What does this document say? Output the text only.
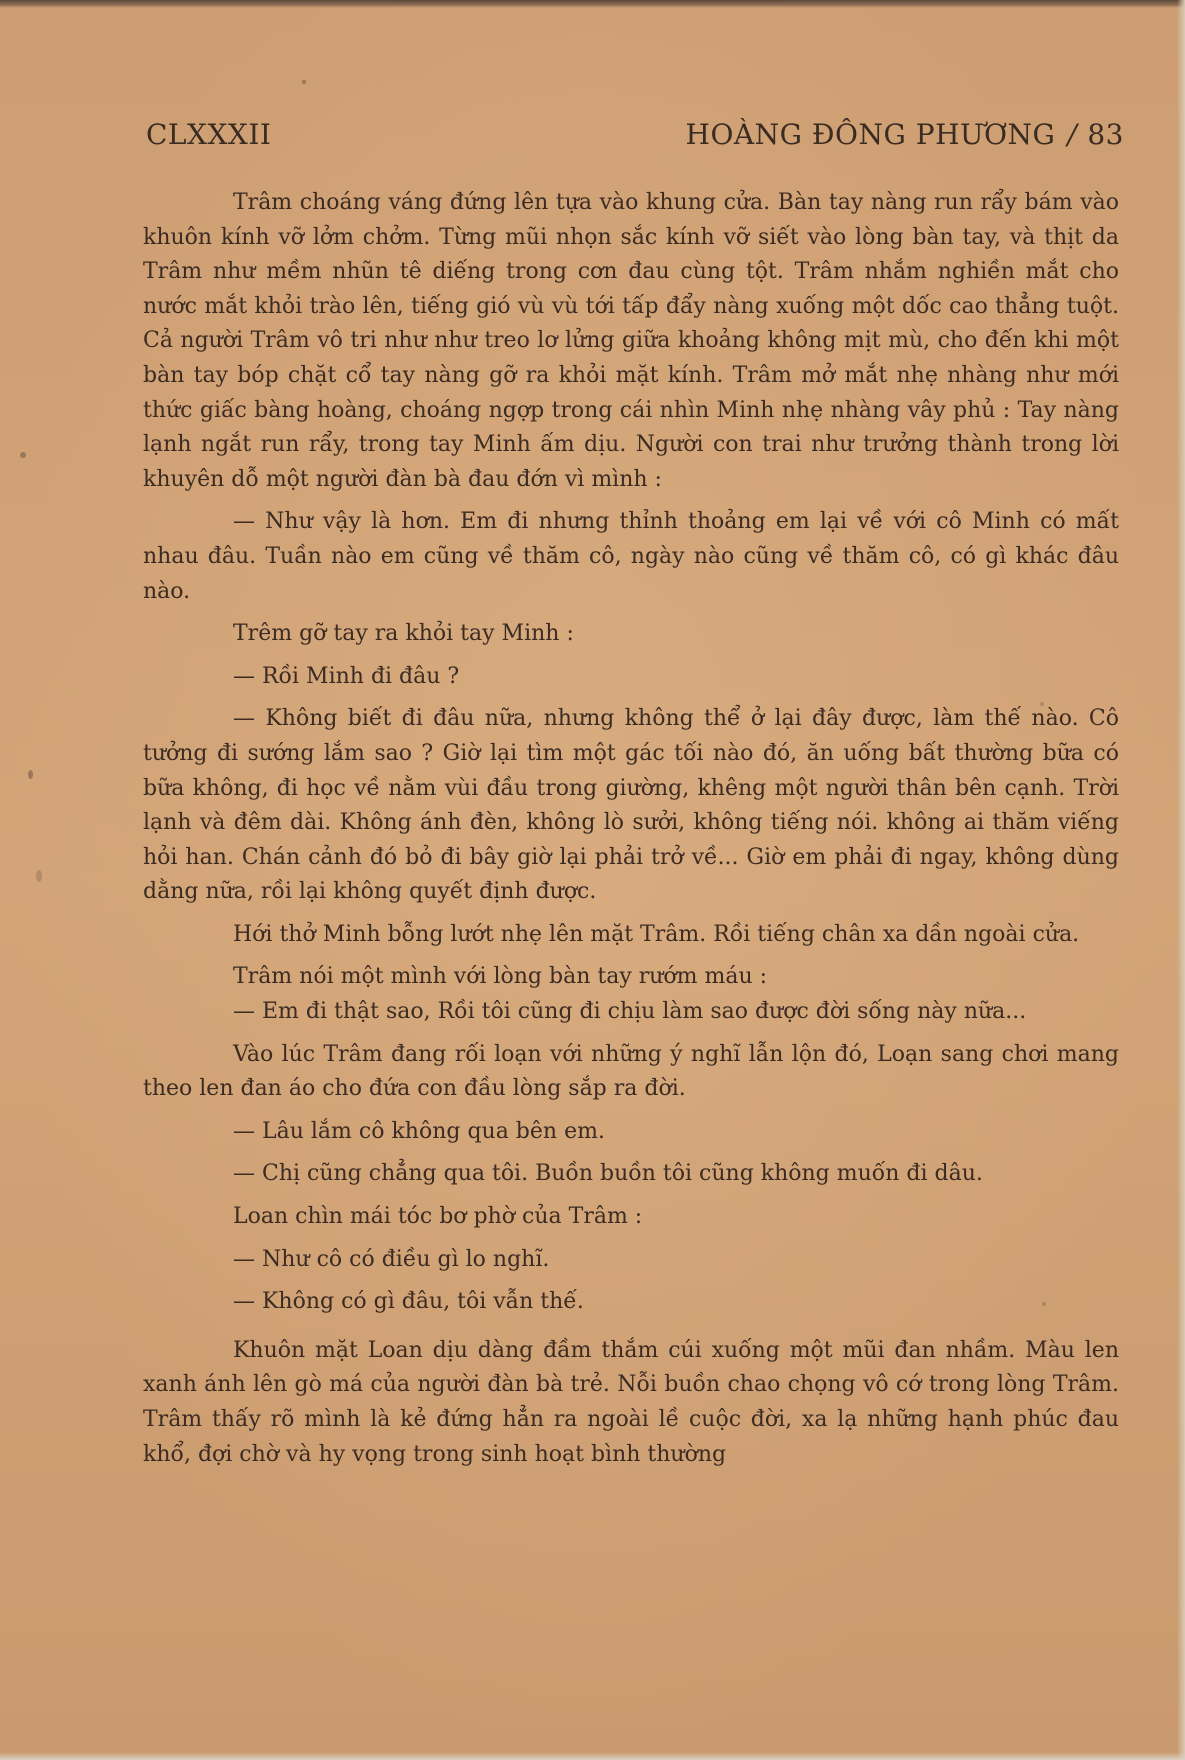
CLXXXII	HOÀNG ĐÔNG PHƯƠNG / 83

Trâm choáng váng đứng lên tựa vào khung cửa. Bàn tay nàng run rẩy bám vào khuôn kính vỡ lởm chởm. Từng mũi nhọn sắc kính vỡ siết vào lòng bàn tay, và thịt da Trâm như mềm nhũn tê diếng trong cơn đau cùng tột. Trâm nhắm nghiền mắt cho nước mắt khỏi trào lên, tiếng gió vù vù tới tấp đẩy nàng xuống một dốc cao thẳng tuột. Cả người Trâm vô tri như như treo lơ lửng giữa khoảng không mịt mù, cho đến khi một bàn tay bóp chặt cổ tay nàng gỡ ra khỏi mặt kính. Trâm mở mắt nhẹ nhàng như mới thức giấc bàng hoàng, choáng ngợp trong cái nhìn Minh nhẹ nhàng vây phủ : Tay nàng lạnh ngắt run rẩy, trong tay Minh ấm dịu. Người con trai như trưởng thành trong lời khuyên dỗ một người đàn bà đau đớn vì mình :

— Như vậy là hơn. Em đi nhưng thỉnh thoảng em lại về với cô Minh có mất nhau đâu. Tuần nào em cũng về thăm cô, ngày nào cũng về thăm cô, có gì khác đâu nào.

Trêm gỡ tay ra khỏi tay Minh :

— Rồi Minh đi đâu ?

— Không biết đi đâu nữa, nhưng không thể ở lại đây được, làm thế nào. Cô tưởng đi sướng lắm sao ? Giờ lại tìm một gác tối nào đó, ăn uống bất thường bữa có bữa không, đi học về nằm vùi đầu trong giường, khêng một người thân bên cạnh. Trời lạnh và đêm dài. Không ánh đèn, không lò sưởi, không tiếng nói. không ai thăm viếng hỏi han. Chán cảnh đó bỏ đi bây giờ lại phải trở về... Giờ em phải đi ngay, không dùng dằng nữa, rồi lại không quyết định được.

Hới thở Minh bỗng lướt nhẹ lên mặt Trâm. Rồi tiếng chân xa dần ngoài cửa.

Trâm nói một mình với lòng bàn tay rướm máu :

— Em đi thật sao, Rồi tôi cũng đi chịu làm sao được đời sống này nữa...

Vào lúc Trâm đang rối loạn với những ý nghĩ lẫn lộn đó, Loạn sang chơi mang theo len đan áo cho đứa con đầu lòng sắp ra đời.

— Lâu lắm cô không qua bên em.

— Chị cũng chẳng qua tôi. Buồn buồn tôi cũng không muốn đi dâu.

Loan chìn mái tóc bơ phờ của Trâm :

— Như cô có điều gì lo nghĩ.

— Không có gì đâu, tôi vẫn thế.

Khuôn mặt Loan dịu dàng đầm thắm cúi xuống một mũi đan nhầm. Màu len xanh ánh lên gò má của người đàn bà trẻ. Nỗi buồn chao chọng vô cớ trong lòng Trâm. Trâm thấy rõ mình là kẻ đứng hẳn ra ngoài lề cuộc đời, xa lạ những hạnh phúc đau khổ, đợi chờ và hy vọng trong sinh hoạt bình thường
